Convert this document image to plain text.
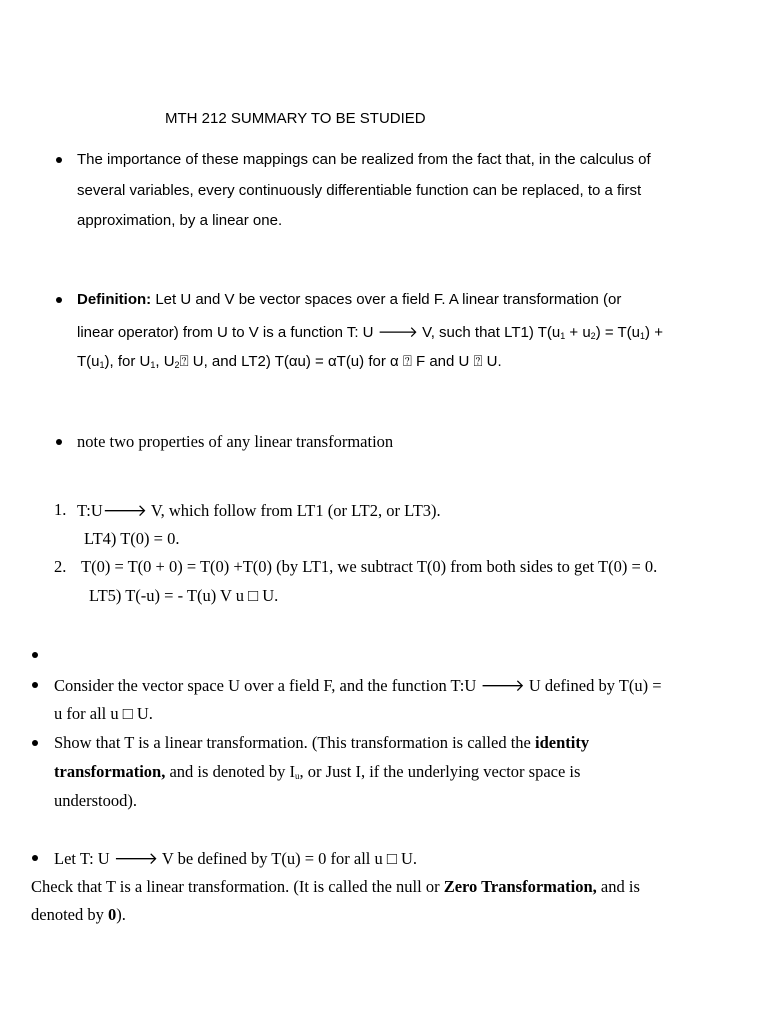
MTH 212 SUMMARY TO BE STUDIED
The importance of these mappings can be realized from the fact that, in the calculus of
several variables, every continuously differentiable function can be replaced, to a first
approximation, by a linear one.
Definition: Let U and V be vector spaces over a field F. A linear transformation (or
linear operator) from U to V is a function T: U 🡒 V, such that LT1) $T(u_1 + u_2) = T(u_1)$ +
$T(u_1)$, for $U_1$, $U_2⍰$ U, and LT2) T(αu) = αT(u) for α ⍰ F and U ⍰ U.
note two properties of any linear transformation
1. T:U🡒 V, which follow from LT1 (or LT2, or LT3).
LT4) T(0) = 0.
2. T(0) = T(0 + 0) = T(0) +T(0) (by LT1, we subtract T(0) from both sides to get T(0) = 0.
LT5) T(-u) = - T(u) V u □ U.
Consider the vector space U over a field F, and the function T:U 🡒 U defined by T(u) =
u for all u □ U.
Show that T is a linear transformation. (This transformation is called the identity
transformation, and is denoted by $I_u$, or Just I, if the underlying vector space is
understood).
Let T: U 🡒 V be defined by T(u) = 0 for all u □ U.
Check that T is a linear transformation. (It is called the null or Zero Transformation, and is
denoted by 0).
